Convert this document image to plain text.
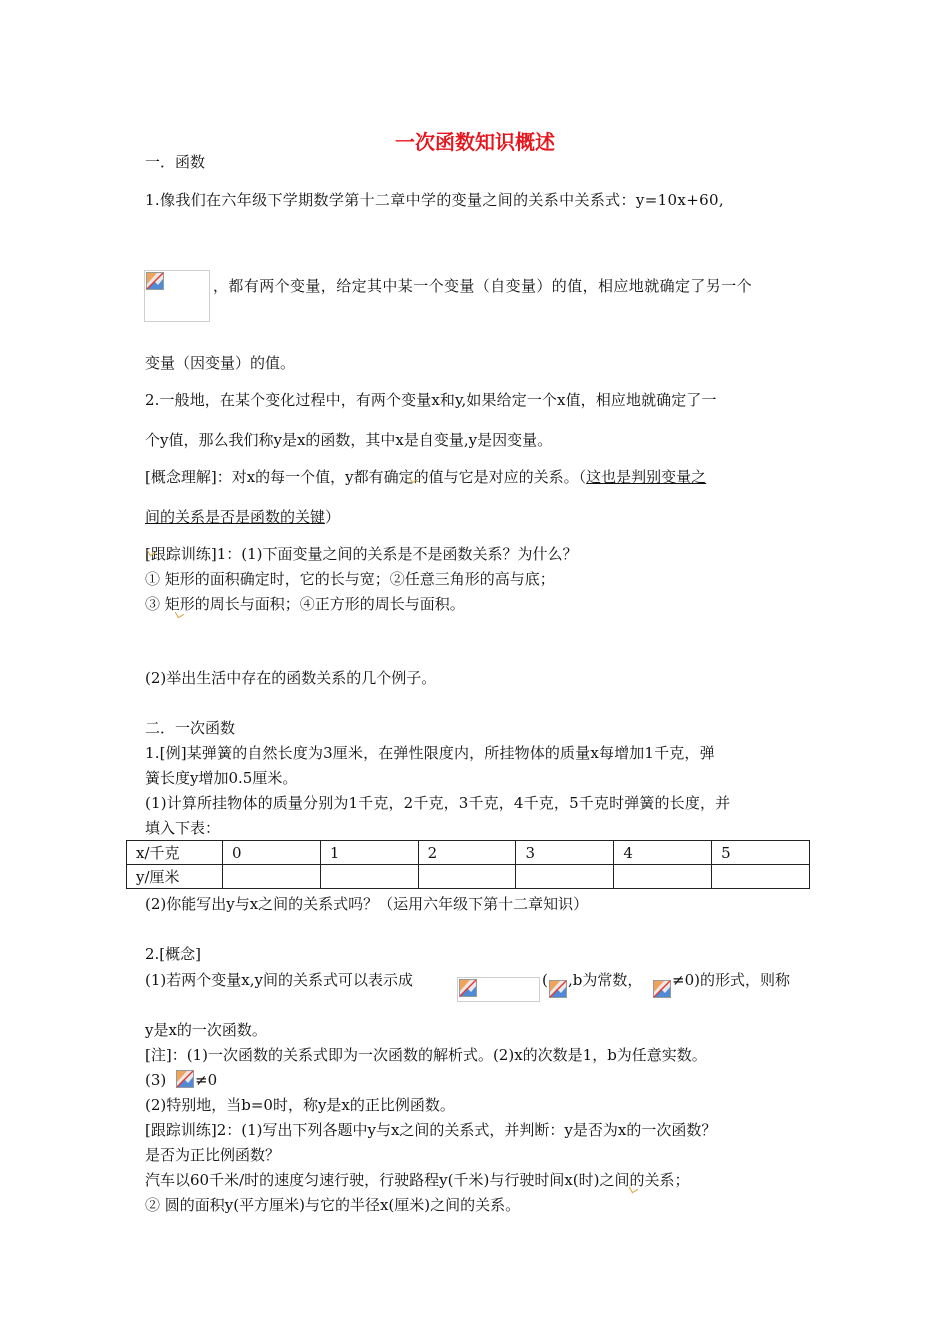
一次函数知识概述
一．函数
1.像我们在六年级下学期数学第十二章中学的变量之间的关系中关系式：y=10x+60,
，都有两个变量，给定其中某一个变量（自变量）的值，相应地就确定了另一个
变量（因变量）的值。
2.一般地，在某个变化过程中，有两个变量x和y,如果给定一个x值，相应地就确定了一
个y值，那么我们称y是x的函数，其中x是自变量,y是因变量。
[概念理解]：对x的每一个值，y都有确定的值与它是对应的关系。（这也是判别变量之
间的关系是否是函数的关键）
[跟踪训练]1：(1)下面变量之间的关系是不是函数关系？为什么？
① 矩形的面积确定时，它的长与宽；②任意三角形的高与底；
③ 矩形的周长与面积；④正方形的周长与面积。
(2)举出生活中存在的函数关系的几个例子。
二．一次函数
1.[例]某弹簧的自然长度为3厘米，在弹性限度内，所挂物体的质量x每增加1千克，弹
簧长度y增加0.5厘米。
(1)计算所挂物体的质量分别为1千克，2千克，3千克，4千克，5千克时弹簧的长度，并
填入下表：
x/千克	0	1	2	3	4	5
y/厘米						
(2)你能写出y与x之间的关系式吗？（运用六年级下第十二章知识）
2.[概念]
(1)若两个变量x,y间的关系式可以表示成	( ,b为常数， ≠0)的形式，则称
y是x的一次函数。
[注]：(1)一次函数的关系式即为一次函数的解析式。(2)x的次数是1，b为任意实数。
(3) ≠0
(2)特别地，当b=0时，称y是x的正比例函数。
[跟踪训练]2：(1)写出下列各题中y与x之间的关系式，并判断：y是否为x的一次函数？
是否为正比例函数？
汽车以60千米/时的速度匀速行驶，行驶路程y(千米)与行驶时间x(时)之间的关系；
② 圆的面积y(平方厘米)与它的半径x(厘米)之间的关系。
